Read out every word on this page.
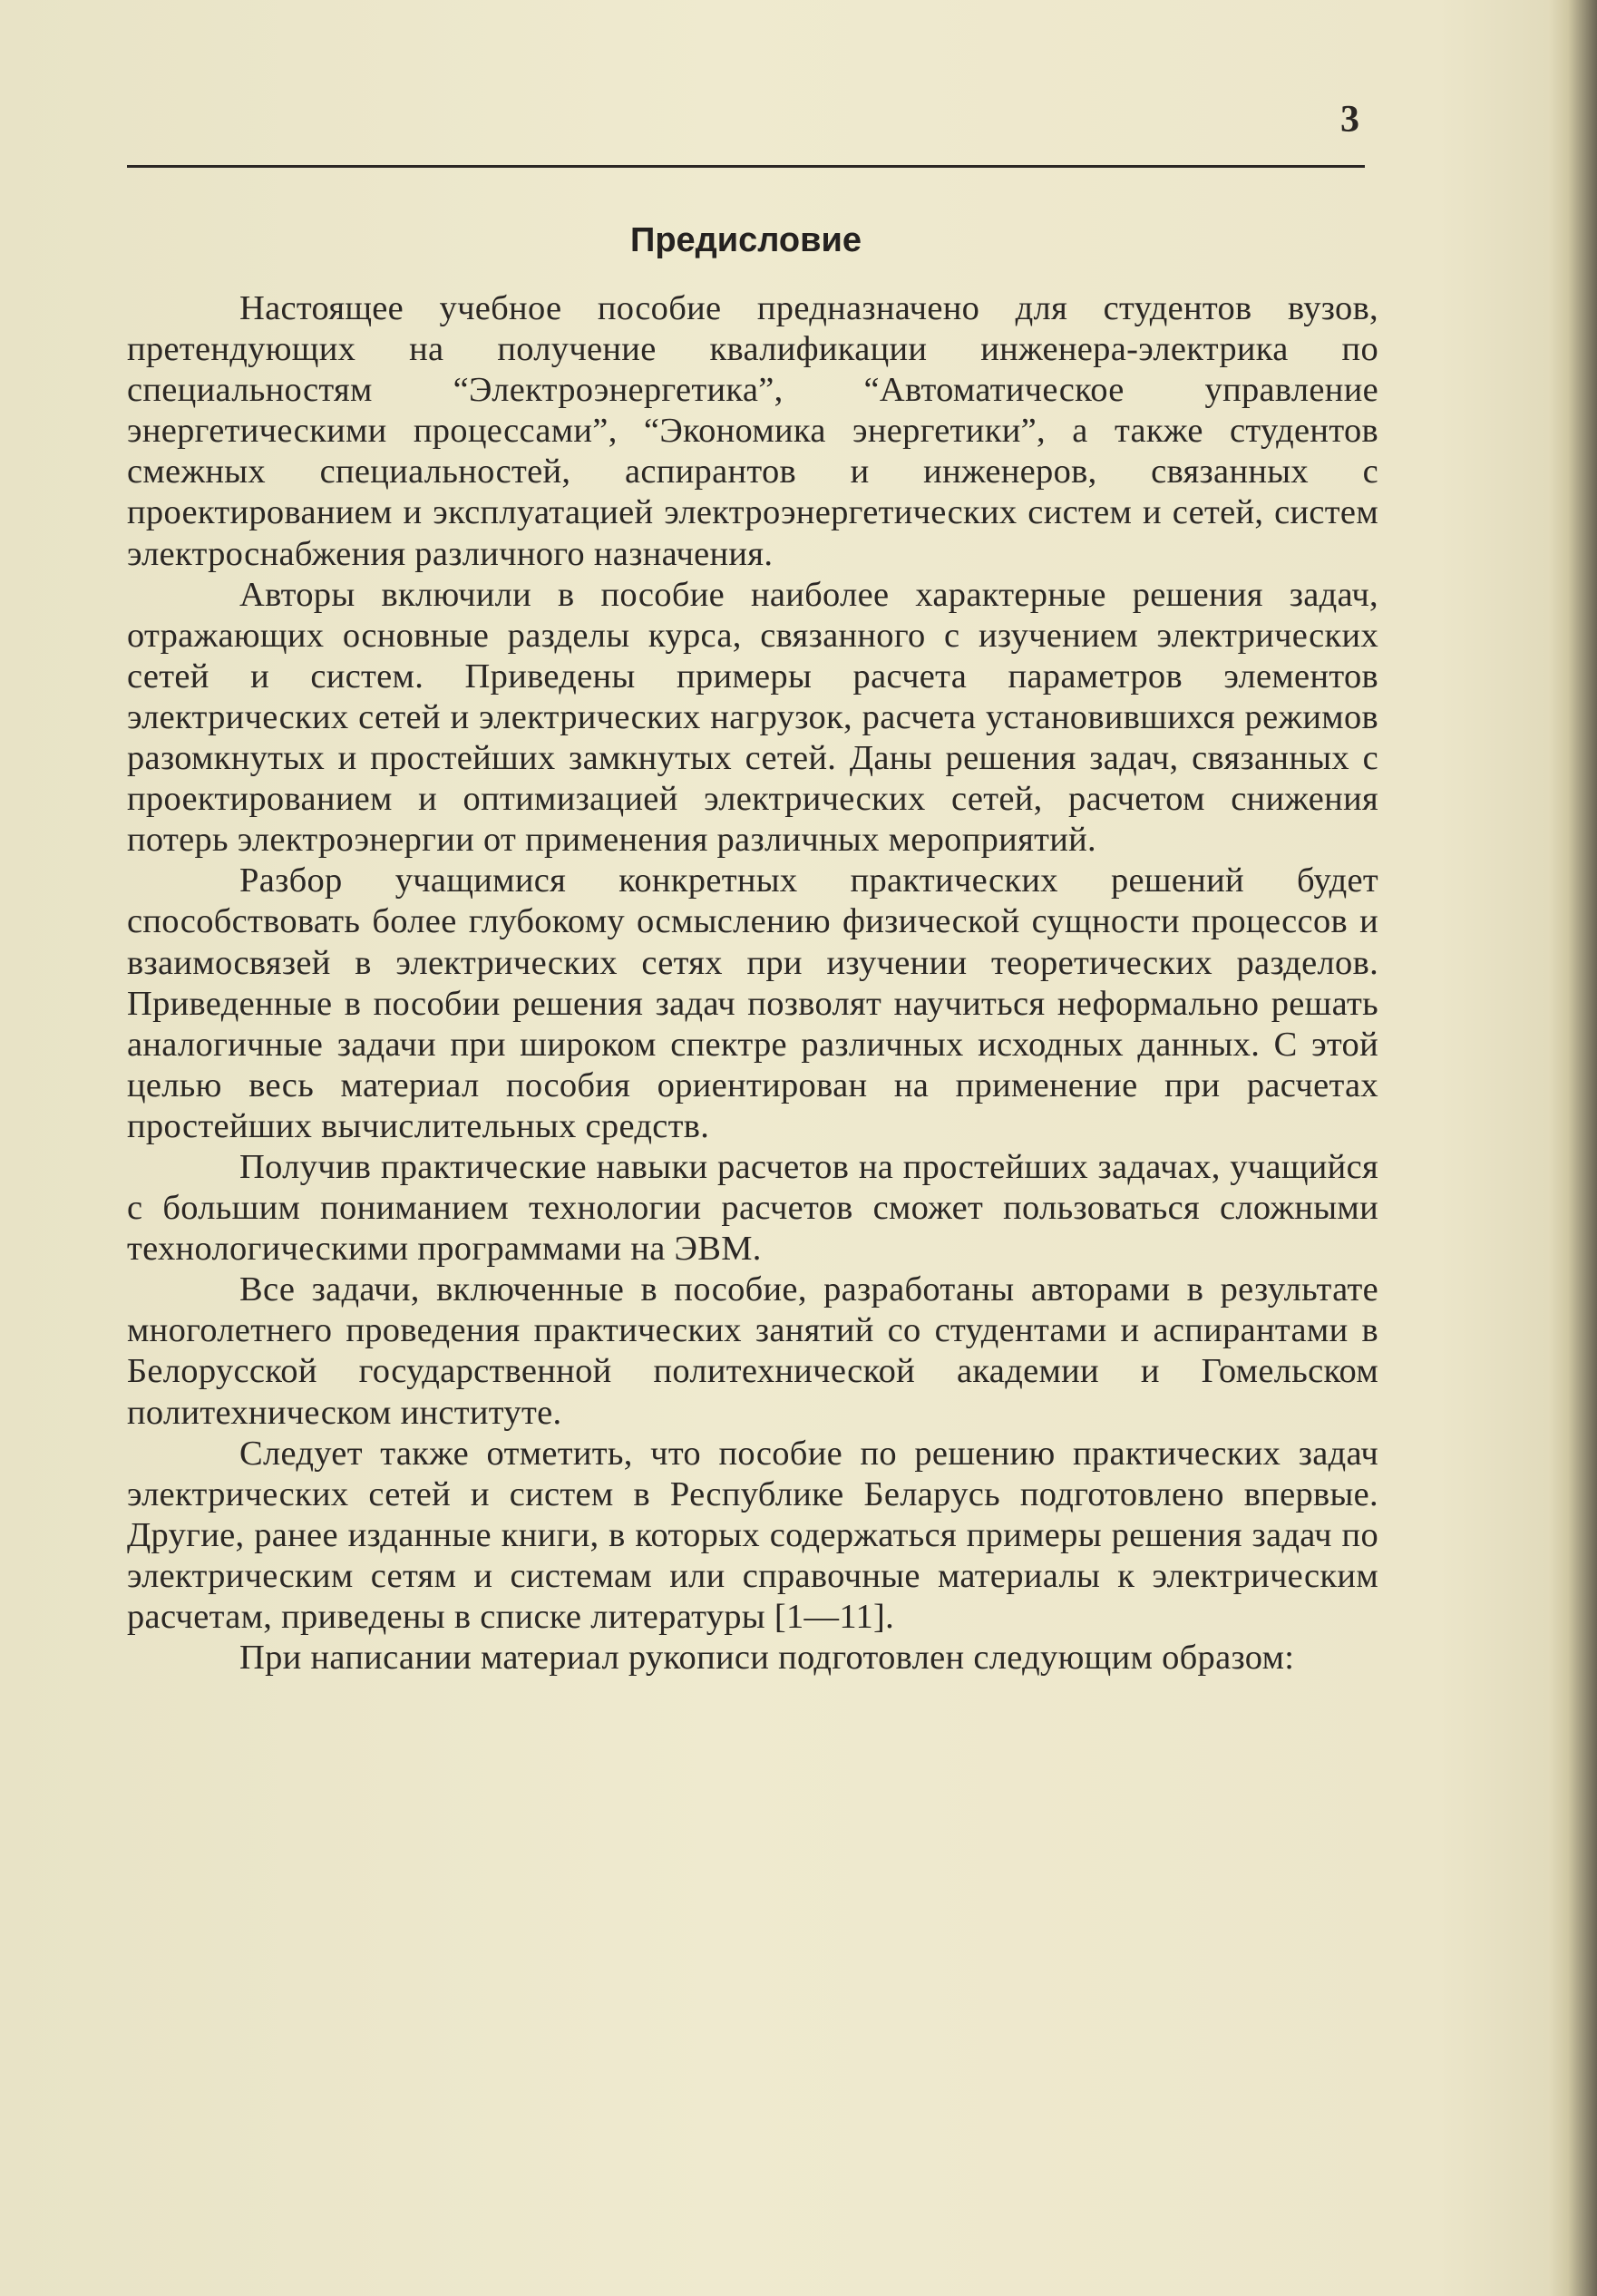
3
Предисловие

Настоящее учебное пособие предназначено для студентов вузов, претендующих на получение квалификации инженера-электрика по специальностям “Электроэнергетика”, “Автоматическое управление энергетическими процессами”, “Экономика энергетики”, а также студентов смежных специальностей, аспирантов и инженеров, связанных с проектированием и эксплуатацией электроэнергетических систем и сетей, систем электроснабжения различного назначения.

Авторы включили в пособие наиболее характерные решения задач, отражающих основные разделы курса, связанного с изучением электрических сетей и систем. Приведены примеры расчета параметров элементов электрических сетей и электрических нагрузок, расчета установившихся режимов разомкнутых и простейших замкнутых сетей. Даны решения задач, связанных с проектированием и оптимизацией электрических сетей, расчетом снижения потерь электроэнергии от применения различных мероприятий.

Разбор учащимися конкретных практических решений будет способствовать более глубокому осмыслению физической сущности процессов и взаимосвязей в электрических сетях при изучении теоретических разделов. Приведенные в пособии решения задач позволят научиться неформально решать аналогичные задачи при широком спектре различных исходных данных. С этой целью весь материал пособия ориентирован на применение при расчетах простейших вычислительных средств.

Получив практические навыки расчетов на простейших задачах, учащийся с большим пониманием технологии расчетов сможет пользоваться сложными технологическими программами на ЭВМ.

Все задачи, включенные в пособие, разработаны авторами в результате многолетнего проведения практических занятий со студентами и аспирантами в Белорусской государственной политехнической академии и Гомельском политехническом институте.

Следует также отметить, что пособие по решению практических задач электрических сетей и систем в Республике Беларусь подготовлено впервые. Другие, ранее изданные книги, в которых содержаться примеры решения задач по электрическим сетям и системам или справочные материалы к электрическим расчетам, приведены в списке литературы [1—11].

При написании материал рукописи подготовлен следующим образом:
